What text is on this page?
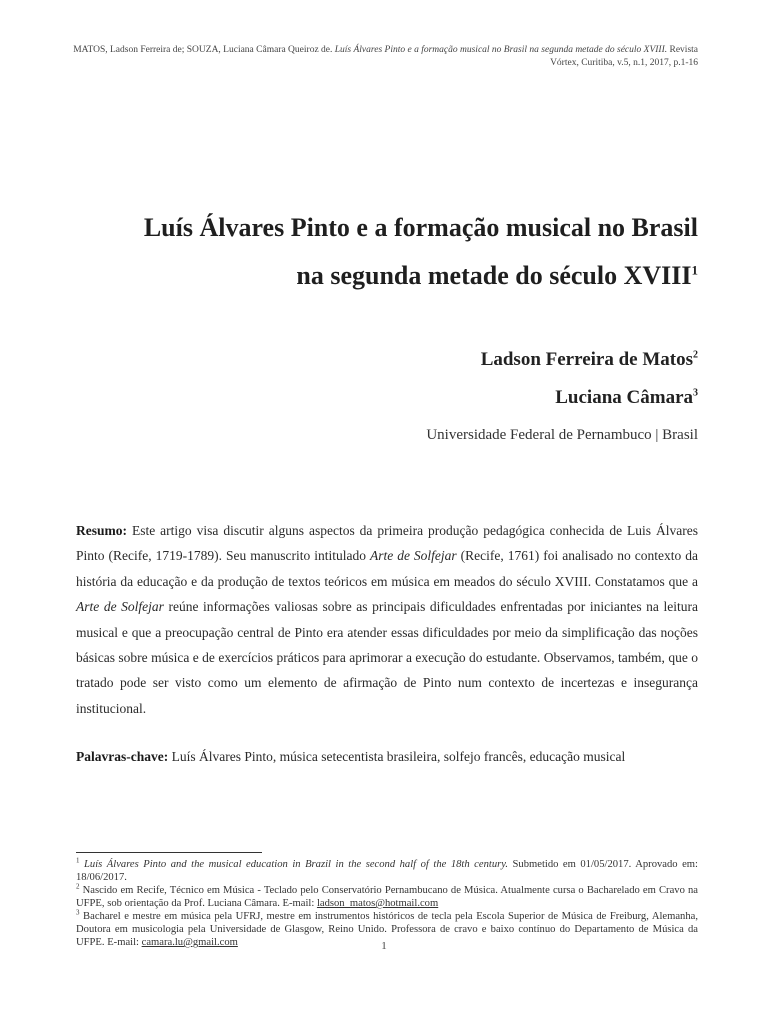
MATOS, Ladson Ferreira de; SOUZA, Luciana Câmara Queiroz de. Luís Álvares Pinto e a formação musical no Brasil na segunda metade do século XVIII. Revista
Vórtex, Curitiba, v.5, n.1, 2017, p.1-16
Luís Álvares Pinto e a formação musical no Brasil
na segunda metade do século XVIII$^1$
Ladson Ferreira de Matos$^2$
Luciana Câmara$^3$
Universidade Federal de Pernambuco | Brasil

Resumo: Este artigo visa discutir alguns aspectos da primeira produção pedagógica conhecida de Luis Álvares Pinto (Recife, 1719-1789). Seu manuscrito intitulado Arte de Solfejar (Recife, 1761) foi analisado no contexto da história da educação e da produção de textos teóricos em música em meados do século XVIII. Constatamos que a Arte de Solfejar reúne informações valiosas sobre as principais dificuldades enfrentadas por iniciantes na leitura musical e que a preocupação central de Pinto era atender essas dificuldades por meio da simplificação das noções básicas sobre música e de exercícios práticos para aprimorar a execução do estudante. Observamos, também, que o tratado pode ser visto como um elemento de afirmação de Pinto num contexto de incertezas e insegurança institucional.

Palavras-chave: Luís Álvares Pinto, música setecentista brasileira, solfejo francês, educação musical

$^1$ Luís Álvares Pinto and the musical education in Brazil in the second half of the 18th century. Submetido em 01/05/2017. Aprovado em: 18/06/2017.

$^2$ Nascido em Recife, Técnico em Música - Teclado pelo Conservatório Pernambucano de Música. Atualmente cursa o Bacharelado em Cravo na UFPE, sob orientação da Prof. Luciana Câmara. E-mail: ladson_matos@hotmail.com

$^3$ Bacharel e mestre em música pela UFRJ, mestre em instrumentos históricos de tecla pela Escola Superior de Música de Freiburg, Alemanha, Doutora em musicologia pela Universidade de Glasgow, Reino Unido. Professora de cravo e baixo contínuo do Departamento de Música da UFPE. E-mail: camara.lu@gmail.com	1
